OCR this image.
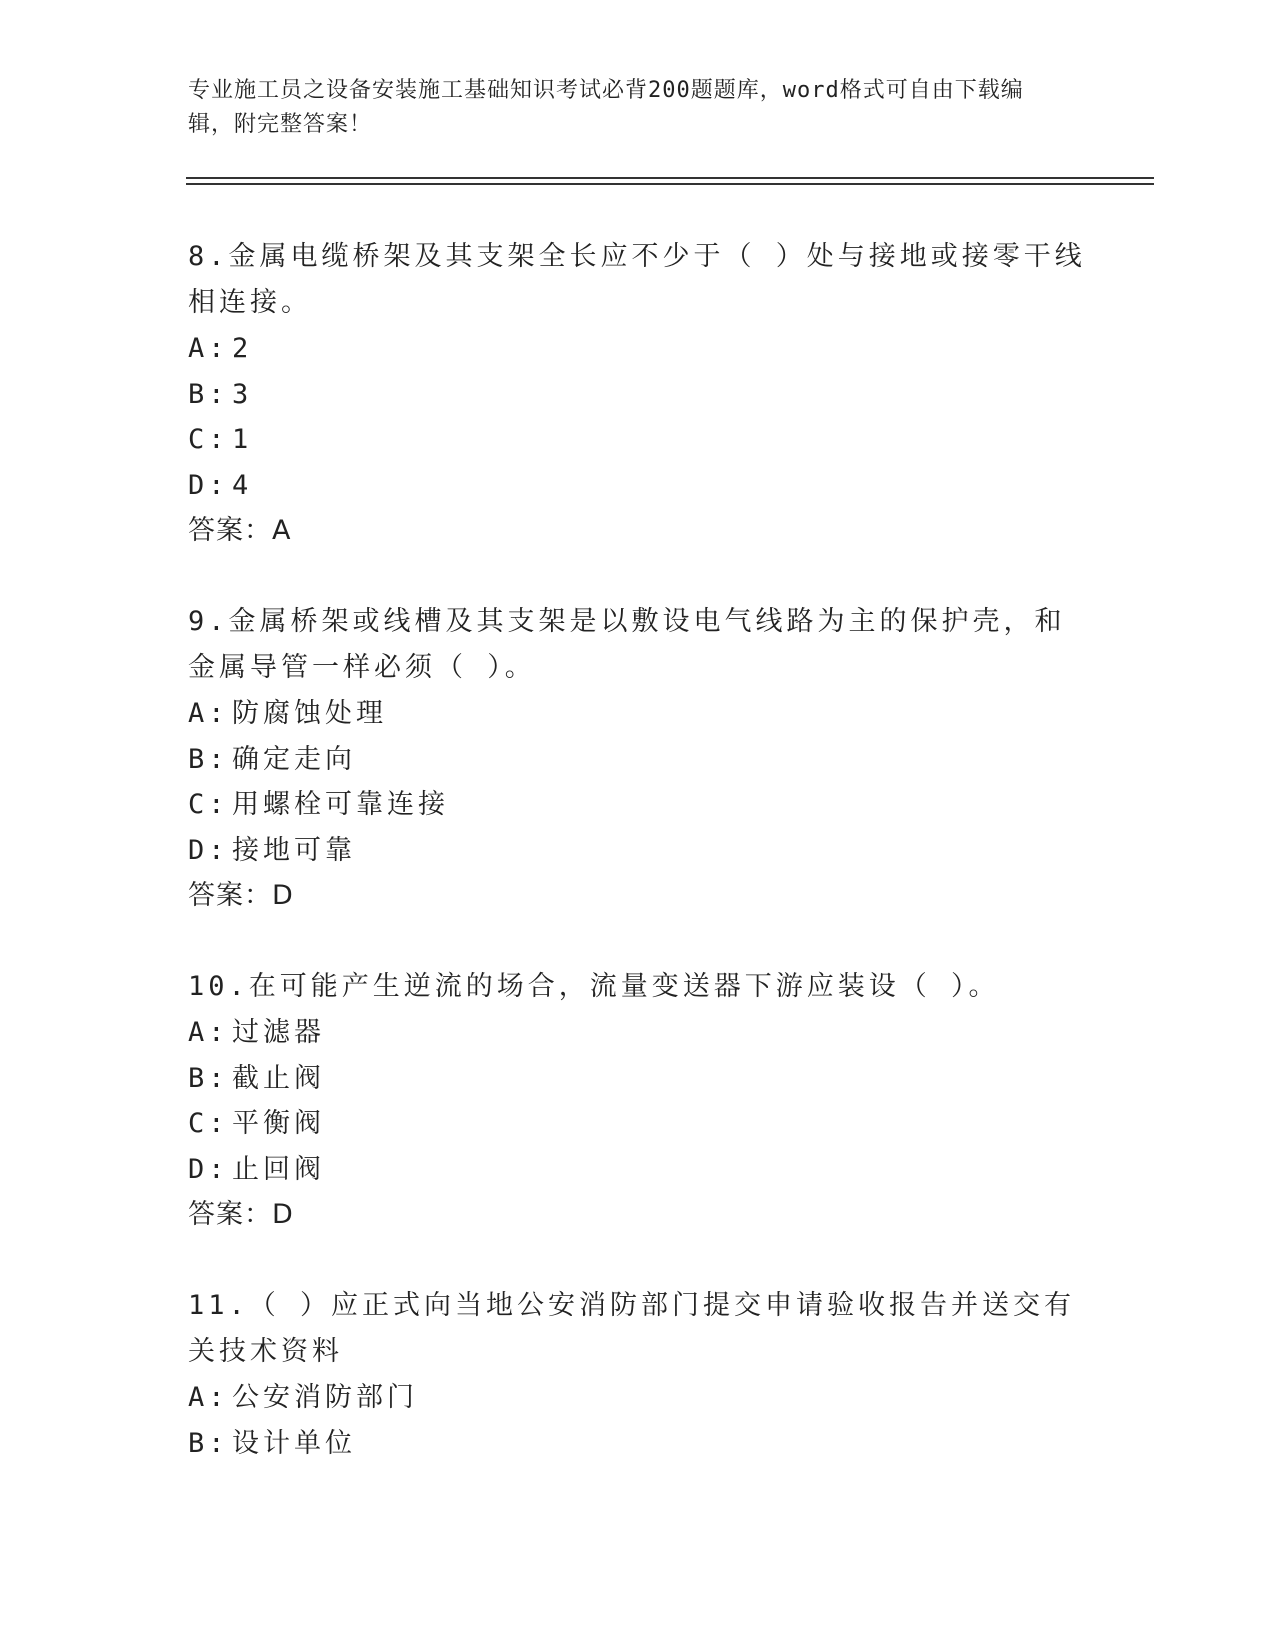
专业施工员之设备安装施工基础知识考试必背200题题库，word格式可自由下载编辑，附完整答案！

8.金属电缆桥架及其支架全长应不少于（ ）处与接地或接零干线相连接。

A: 2

B: 3

C: 1

D: 4

答案：A

9.金属桥架或线槽及其支架是以敷设电气线路为主的保护壳，和金属导管一样必须（ ）。

A: 防腐蚀处理

B: 确定走向

C: 用螺栓可靠连接

D: 接地可靠

答案：D

10.在可能产生逆流的场合，流量变送器下游应装设（ ）。

A: 过滤器

B: 截止阀

C: 平衡阀

D: 止回阀

答案：D

11.（ ）应正式向当地公安消防部门提交申请验收报告并送交有关技术资料

A: 公安消防部门

B: 设计单位
